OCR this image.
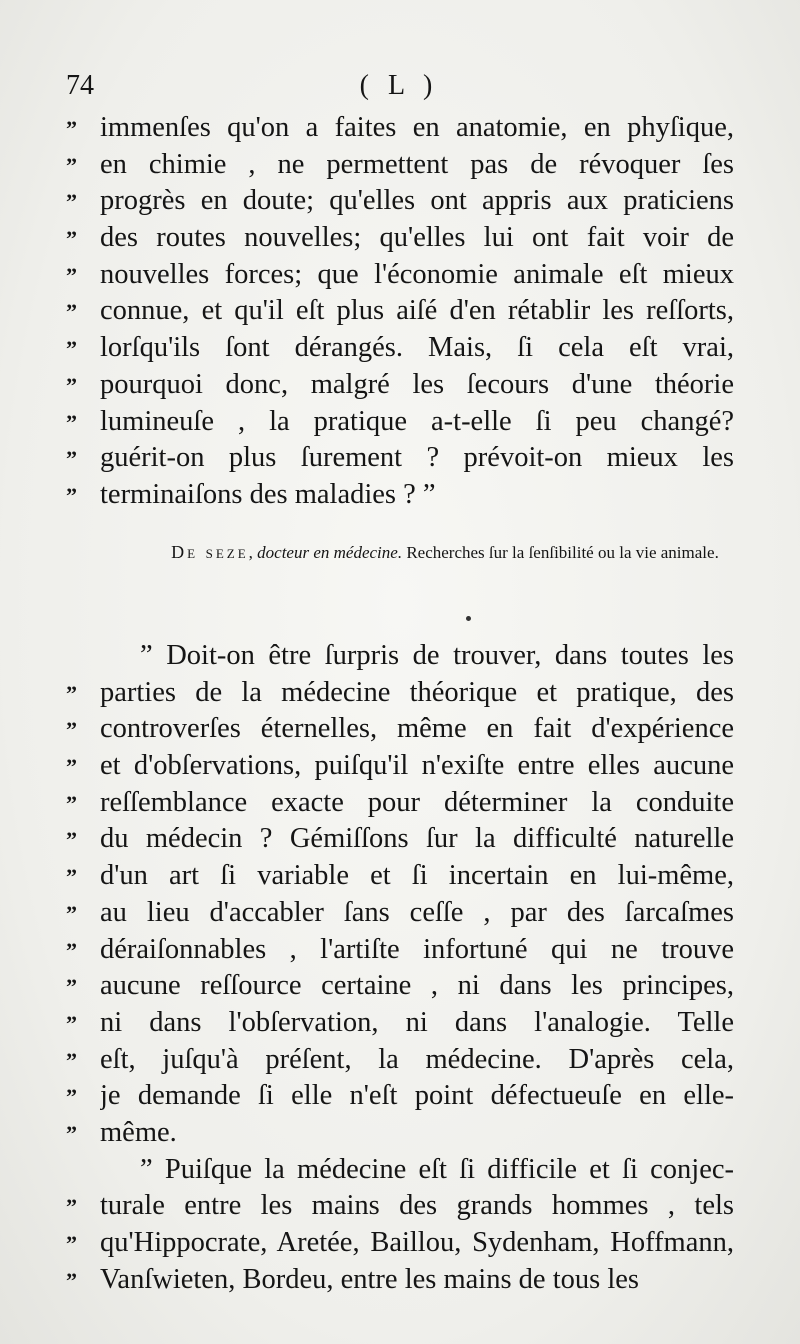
74	( L )
” immenſes qu'on a faites en anatomie, en phyſique,
” en chimie , ne permettent pas de révoquer ſes
” progrès en doute; qu'elles ont appris aux praticiens
” des routes nouvelles; qu'elles lui ont fait voir de
” nouvelles forces; que l'économie animale eſt mieux
” connue, et qu'il eſt plus aiſé d'en rétablir les reſſorts,
” lorſqu'ils ſont dérangés. Mais, ſi cela eſt vrai,
” pourquoi donc, malgré les ſecours d'une théorie
” lumineuſe , la pratique a-t-elle ſi peu changé?
” guérit-on plus ſurement ? prévoit-on mieux les
” terminaiſons des maladies ? ”
De seze, docteur en médecine. Recherches ſur la ſenſibilité ou la vie animale.
” Doit-on être ſurpris de trouver, dans toutes les
” parties de la médecine théorique et pratique, des
” controverſes éternelles, même en fait d'expérience
” et d'obſervations, puiſqu'il n'exiſte entre elles aucune
” reſſemblance exacte pour déterminer la conduite
” du médecin ? Gémiſſons ſur la difficulté naturelle
” d'un art ſi variable et ſi incertain en lui-même,
” au lieu d'accabler ſans ceſſe , par des ſarcaſmes
” déraiſonnables , l'artiſte infortuné qui ne trouve
” aucune reſſource certaine , ni dans les principes,
” ni dans l'obſervation, ni dans l'analogie. Telle
” eſt, juſqu'à préſent, la médecine. D'après cela,
” je demande ſi elle n'eſt point défectueuſe en elle-
” même.
” Puiſque la médecine eſt ſi difficile et ſi conjec-
” turale entre les mains des grands hommes , tels
” qu'Hippocrate, Aretée, Baillou, Sydenham, Hoffmann,
” Vanſwieten, Bordeu, entre les mains de tous les
